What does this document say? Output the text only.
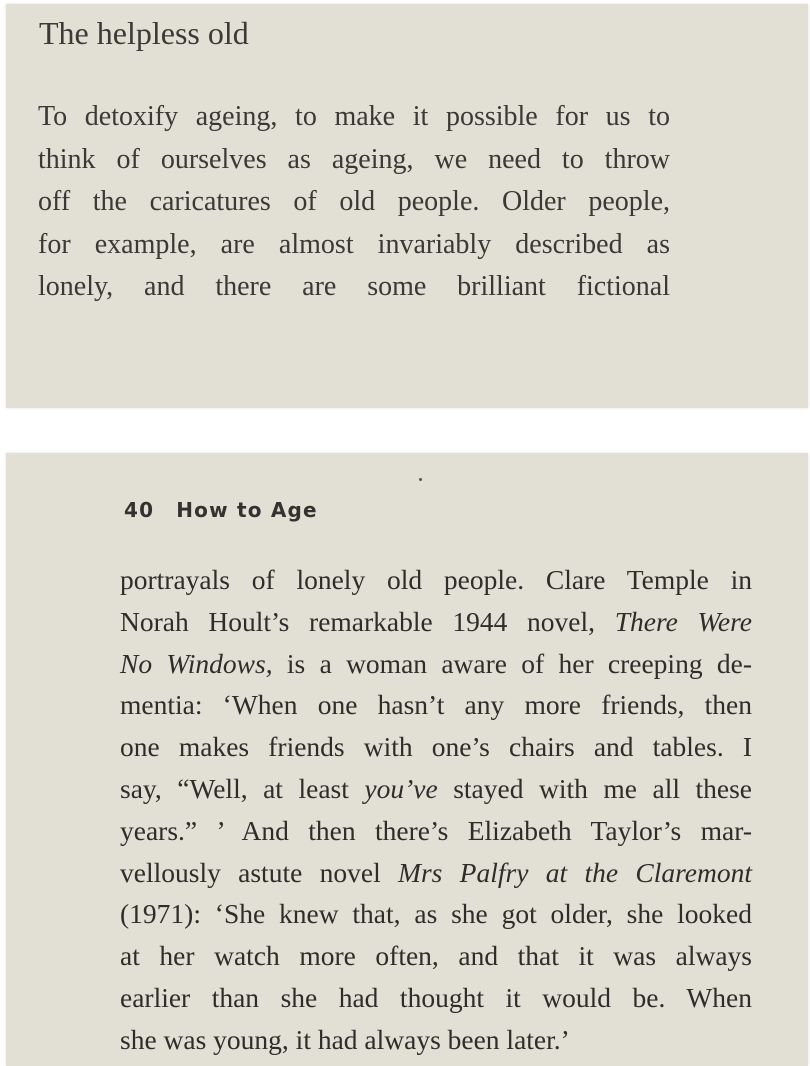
The helpless old

To detoxify ageing, to make it possible for us to
think of ourselves as ageing, we need to throw
off the caricatures of old people. Older people,
for example, are almost invariably described as
lonely, and there are some brilliant fictional

40 How to Age

portrayals of lonely old people. Clare Temple in
Norah Hoult’s remarkable 1944 novel, There Were
No Windows, is a woman aware of her creeping de-
mentia: ‘When one hasn’t any more friends, then
one makes friends with one’s chairs and tables. I
say, “Well, at least you’ve stayed with me all these
years.” ’ And then there’s Elizabeth Taylor’s mar-
vellously astute novel Mrs Palfry at the Claremont
(1971): ‘She knew that, as she got older, she looked
at her watch more often, and that it was always
earlier than she had thought it would be. When
she was young, it had always been later.’
